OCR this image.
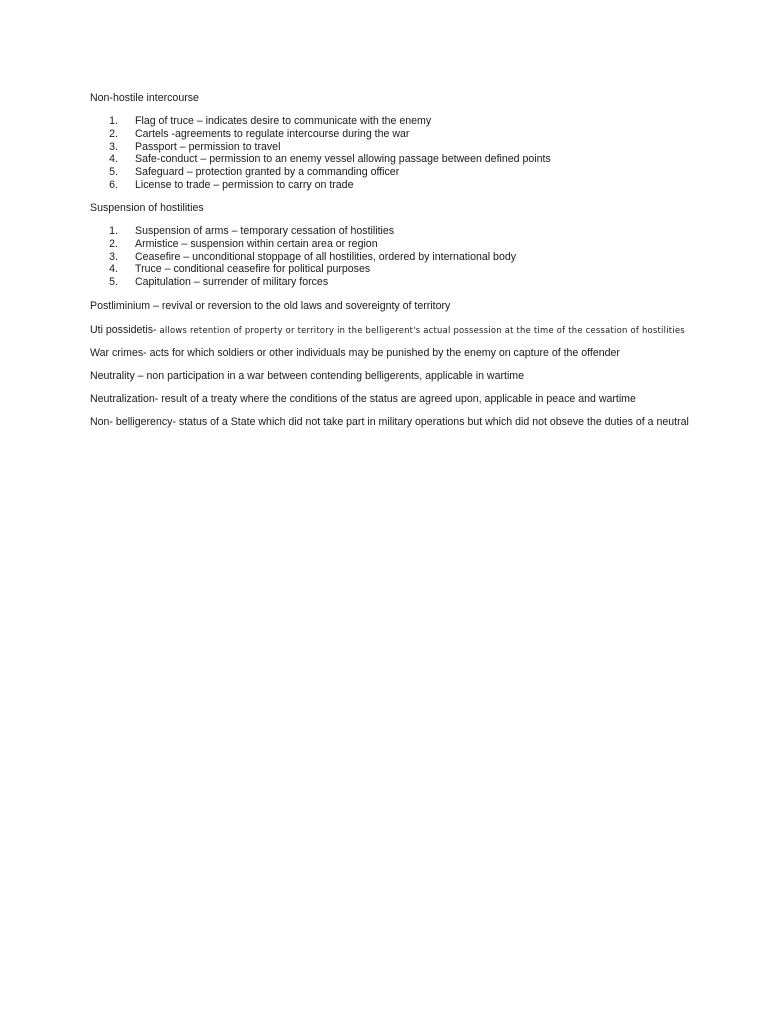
Non-hostile intercourse
1. Flag of truce – indicates desire to communicate with the enemy
2. Cartels -agreements to regulate intercourse during the war
3. Passport – permission to travel
4. Safe-conduct – permission to an enemy vessel allowing passage between defined points
5. Safeguard – protection granted by a commanding officer
6. License to trade – permission to carry on trade
Suspension of hostilities
1. Suspension of arms – temporary cessation of hostilities
2. Armistice – suspension within certain area or region
3. Ceasefire – unconditional stoppage of all hostilities, ordered by international body
4. Truce – conditional ceasefire for political purposes
5. Capitulation – surrender of military forces
Postliminium – revival or reversion to the old laws and sovereignty of territory
Uti possidetis- allows retention of property or territory in the belligerent's actual possession at the time of the cessation of hostilities
War crimes- acts for which soldiers or other individuals may be punished by the enemy on capture of the offender
Neutrality – non participation in a war between contending belligerents, applicable in wartime
Neutralization- result of a treaty where the conditions of the status are agreed upon, applicable in peace and wartime
Non- belligerency- status of a State which did not take part in military operations but which did not obseve the duties of a neutral
